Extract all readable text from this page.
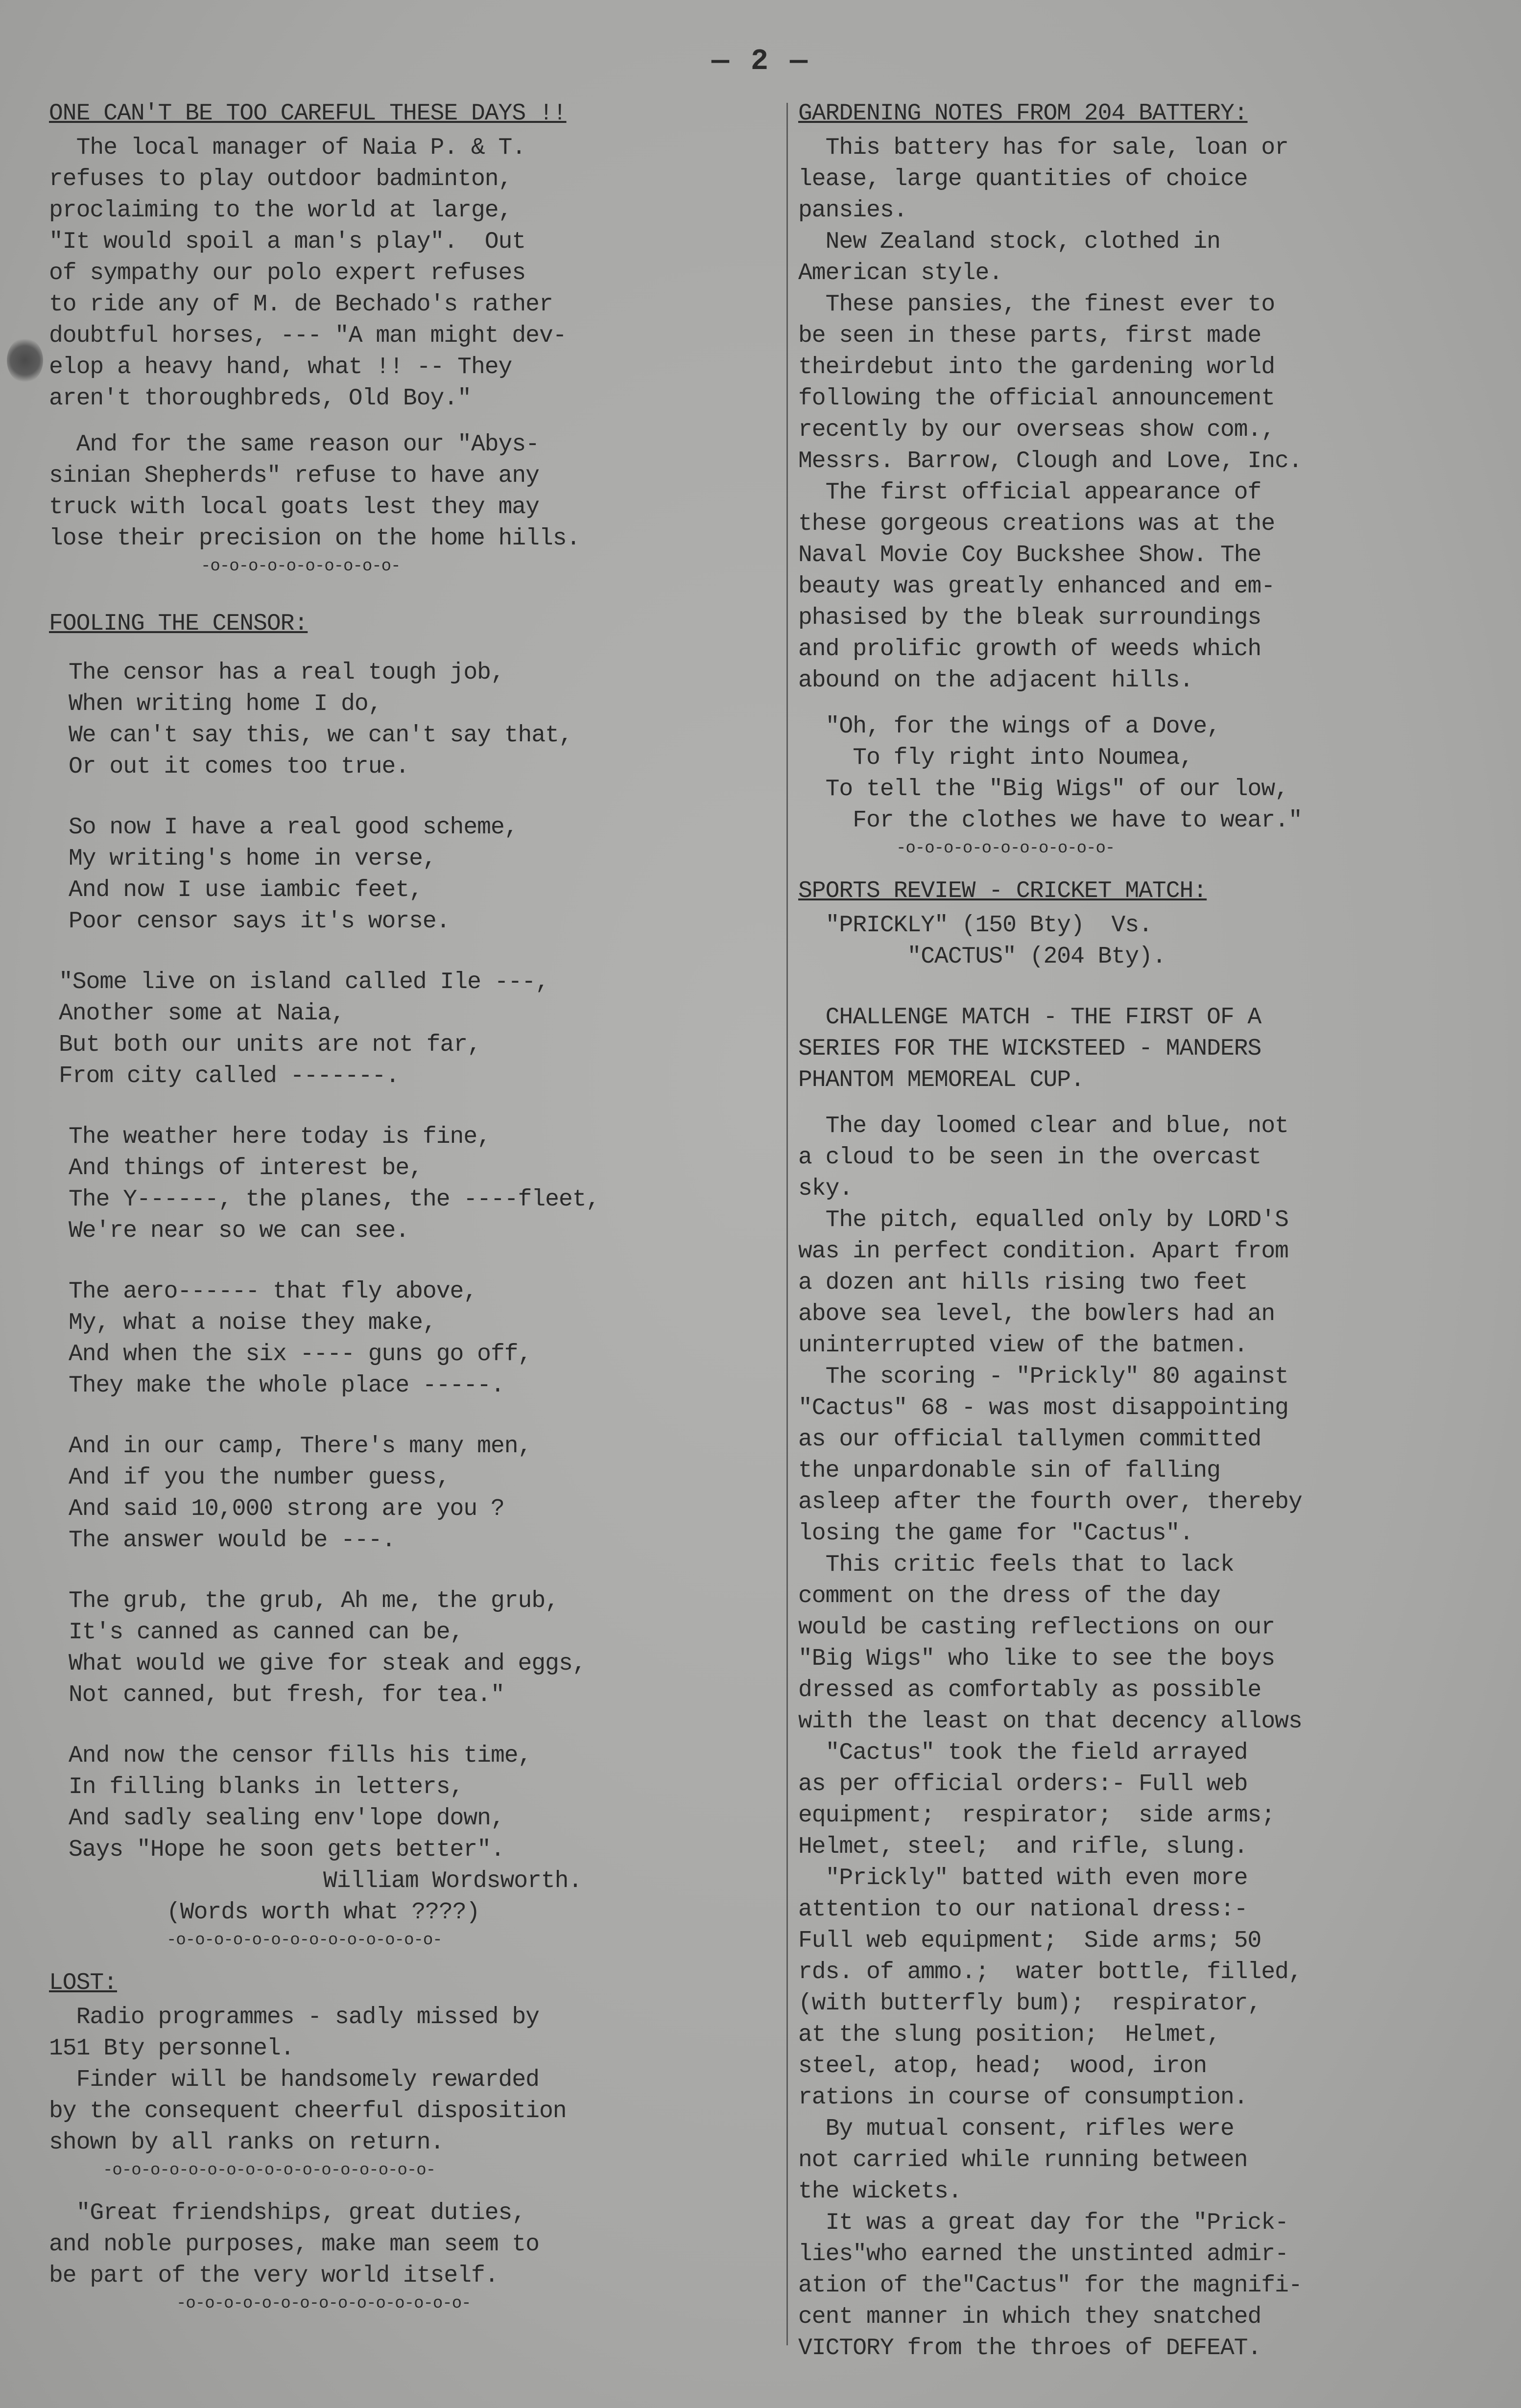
— 2 —
ONE CAN'T BE TOO CAREFUL THESE DAYS !!
The local manager of Naia P. & T.
refuses to play outdoor badminton,
proclaiming to the world at large,
"It would spoil a man's play".  Out
of sympathy our polo expert refuses
to ride any of M. de Bechado's rather
doubtful horses, --- "A man might dev-
elop a heavy hand, what !! -- They
aren't thoroughbreds, Old Boy."
And for the same reason our "Abys-
sinian Shepherds" refuse to have any
truck with local goats lest they may
lose their precision on the home hills.
-o-o-o-o-o-o-o-o-o-o-
FOOLING THE CENSOR:
The censor has a real tough job,
When writing home I do,
We can't say this, we can't say that,
Or out it comes too true.
So now I have a real good scheme,
My writing's home in verse,
And now I use iambic feet,
Poor censor says it's worse.
"Some live on island called Ile ---,
Another some at Naia,
But both our units are not far,
From city called -------.
The weather here today is fine,
And things of interest be,
The Y------, the planes, the ----fleet,
We're near so we can see.
The aero------ that fly above,
My, what a noise they make,
And when the six ---- guns go off,
They make the whole place -----.
And in our camp, There's many men,
And if you the number guess,
And said 10,000 strong are you ?
The answer would be ---.
The grub, the grub, Ah me, the grub,
It's canned as canned can be,
What would we give for steak and eggs,
Not canned, but fresh, for tea."
And now the censor fills his time,
In filling blanks in letters,
And sadly sealing env'lope down,
Says "Hope he soon gets better".
William Wordsworth.
(Words worth what ????)
-o-o-o-o-o-o-o-o-o-o-o-o-o-o-
LOST:
Radio programmes - sadly missed by
151 Bty personnel.
Finder will be handsomely rewarded
by the consequent cheerful disposition
shown by all ranks on return.
-o-o-o-o-o-o-o-o-o-o-o-o-o-o-o-o-o-
"Great friendships, great duties,
and noble purposes, make man seem to
be part of the very world itself.
-o-o-o-o-o-o-o-o-o-o-o-o-o-o-o-
GARDENING NOTES FROM 204 BATTERY:
This battery has for sale, loan or
lease, large quantities of choice
pansies.
New Zealand stock, clothed in
American style.
These pansies, the finest ever to
be seen in these parts, first made
theirdebut into the gardening world
following the official announcement
recently by our overseas show com.,
Messrs. Barrow, Clough and Love, Inc.
The first official appearance of
these gorgeous creations was at the
Naval Movie Coy Buckshee Show. The
beauty was greatly enhanced and em-
phasised by the bleak surroundings
and prolific growth of weeds which
abound on the adjacent hills.
"Oh, for the wings of a Dove,
To fly right into Noumea,
To tell the "Big Wigs" of our low,
For the clothes we have to wear."
-o-o-o-o-o-o-o-o-o-o-o-
SPORTS REVIEW - CRICKET MATCH:
"PRICKLY" (150 Bty)  Vs.
"CACTUS" (204 Bty).
CHALLENGE MATCH - THE FIRST OF A
SERIES FOR THE WICKSTEED - MANDERS
PHANTOM MEMOREAL CUP.
The day loomed clear and blue, not
a cloud to be seen in the overcast
sky.
The pitch, equalled only by LORD'S
was in perfect condition. Apart from
a dozen ant hills rising two feet
above sea level, the bowlers had an
uninterrupted view of the batmen.
The scoring - "Prickly" 80 against
"Cactus" 68 - was most disappointing
as our official tallymen committed
the unpardonable sin of falling
asleep after the fourth over, thereby
losing the game for "Cactus".
This critic feels that to lack
comment on the dress of the day
would be casting reflections on our
"Big Wigs" who like to see the boys
dressed as comfortably as possible
with the least on that decency allows
"Cactus" took the field arrayed
as per official orders:- Full web
equipment;  respirator;  side arms;
Helmet, steel;  and rifle, slung.
"Prickly" batted with even more
attention to our national dress:-
Full web equipment;  Side arms; 50
rds. of ammo.;  water bottle, filled,
(with butterfly bum);  respirator,
at the slung position;  Helmet,
steel, atop, head;  wood, iron
rations in course of consumption.
By mutual consent, rifles were
not carried while running between
the wickets.
It was a great day for the "Prick-
lies"who earned the unstinted admir-
ation of the"Cactus" for the magnifi-
cent manner in which they snatched
VICTORY from the throes of DEFEAT.
